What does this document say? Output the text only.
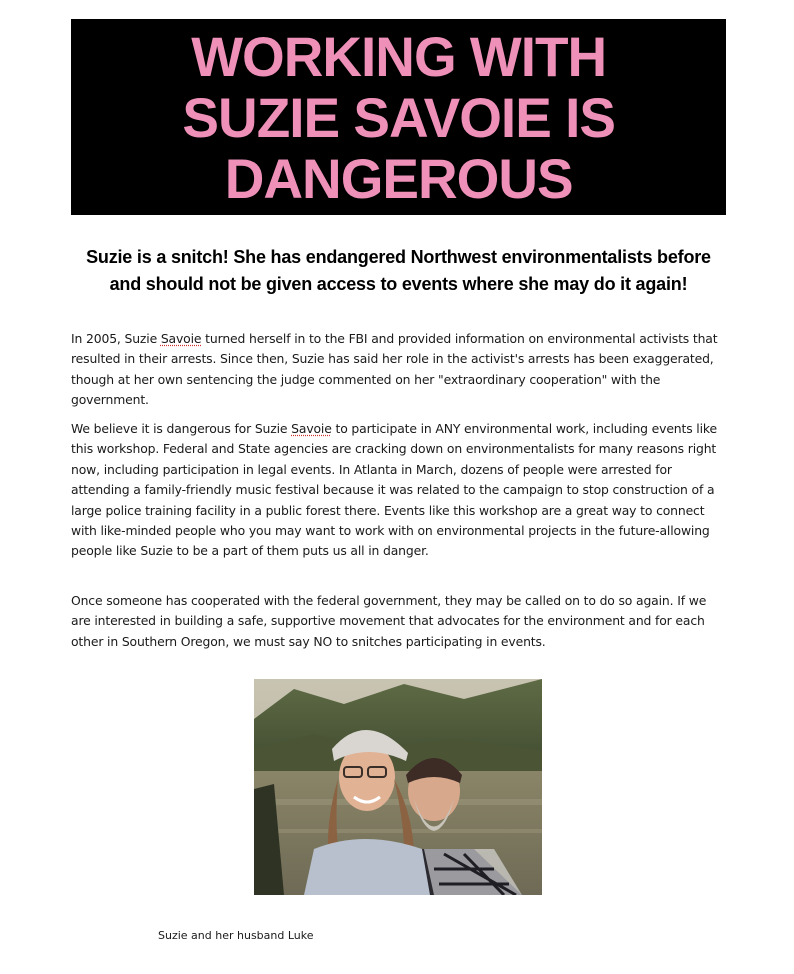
WORKING WITH
SUZIE SAVOIE IS
DANGEROUS
Suzie is a snitch! She has endangered Northwest environmentalists before and should not be given access to events where she may do it again!

In 2005, Suzie Savoie turned herself in to the FBI and provided information on environmental activists that resulted in their arrests. Since then, Suzie has said her role in the activist's arrests has been exaggerated, though at her own sentencing the judge commented on her "extraordinary cooperation" with the government.

We believe it is dangerous for Suzie Savoie to participate in ANY environmental work, including events like this workshop. Federal and State agencies are cracking down on environmentalists for many reasons right now, including participation in legal events. In Atlanta in March, dozens of people were arrested for attending a family-friendly music festival because it was related to the campaign to stop construction of a large police training facility in a public forest there. Events like this workshop are a great way to connect with like-minded people who you may want to work with on environmental projects in the future-allowing people like Suzie to be a part of them puts us all in danger.

Once someone has cooperated with the federal government, they may be called on to do so again. If we are interested in building a safe, supportive movement that advocates for the environment and for each other in Southern Oregon, we must say NO to snitches participating in events.

Suzie and her husband Luke
